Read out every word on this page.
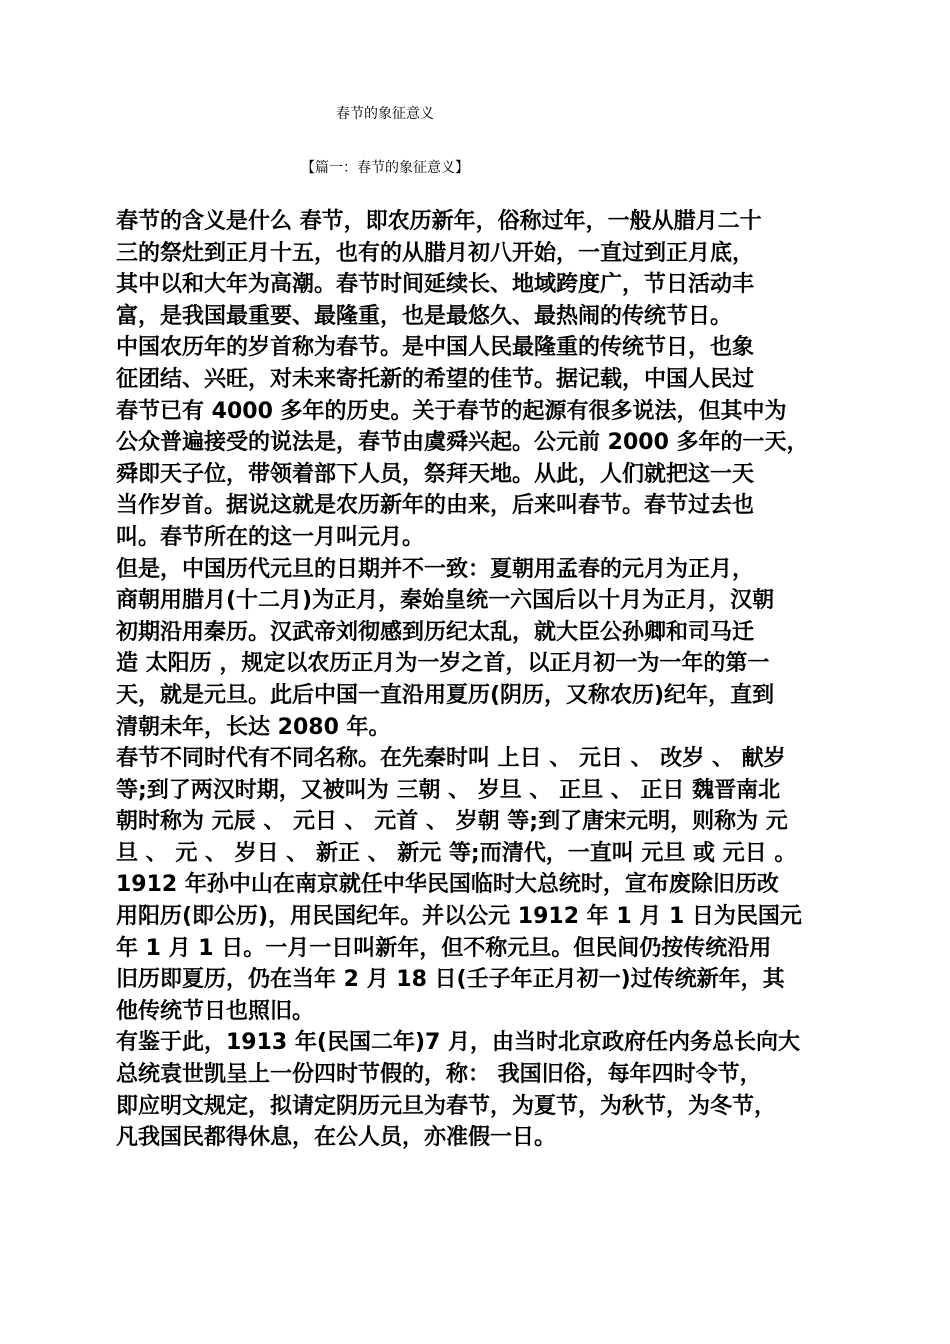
春节的象征意义
【篇一：春节的象征意义】
春节的含义是什么 春节，即农历新年，俗称过年，一般从腊月二十
三的祭灶到正月十五，也有的从腊月初八开始，一直过到正月底，
其中以和大年为高潮。春节时间延续长、地域跨度广，节日活动丰
富，是我国最重要、最隆重，也是最悠久、最热闹的传统节日。
中国农历年的岁首称为春节。是中国人民最隆重的传统节日，也象
征团结、兴旺，对未来寄托新的希望的佳节。据记载，中国人民过
春节已有 4000 多年的历史。关于春节的起源有很多说法，但其中为
公众普遍接受的说法是，春节由虞舜兴起。公元前 2000 多年的一天，
舜即天子位，带领着部下人员，祭拜天地。从此，人们就把这一天
当作岁首。据说这就是农历新年的由来，后来叫春节。春节过去也
叫。春节所在的这一月叫元月。
但是，中国历代元旦的日期并不一致：夏朝用孟春的元月为正月，
商朝用腊月(十二月)为正月，秦始皇统一六国后以十月为正月，汉朝
初期沿用秦历。汉武帝刘彻感到历纪太乱，就大臣公孙卿和司马迁
造 太阳历 ，规定以农历正月为一岁之首，以正月初一为一年的第一
天，就是元旦。此后中国一直沿用夏历(阴历，又称农历)纪年，直到
清朝未年，长达 2080 年。
春节不同时代有不同名称。在先秦时叫 上日 、 元日 、 改岁 、 献岁
等;到了两汉时期，又被叫为 三朝 、 岁旦 、 正旦 、 正日 魏晋南北
朝时称为 元辰 、 元日 、 元首 、 岁朝 等;到了唐宋元明，则称为 元
旦 、 元 、 岁日 、 新正 、 新元 等;而清代，一直叫 元旦 或 元日 。
1912 年孙中山在南京就任中华民国临时大总统时，宣布废除旧历改
用阳历(即公历)，用民国纪年。并以公元 1912 年 1 月 1 日为民国元
年 1 月 1 日。一月一日叫新年，但不称元旦。但民间仍按传统沿用
旧历即夏历，仍在当年 2 月 18 日(壬子年正月初一)过传统新年，其
他传统节日也照旧。
有鉴于此，1913 年(民国二年)7 月，由当时北京政府任内务总长向大
总统袁世凯呈上一份四时节假的，称： 我国旧俗，每年四时令节，
即应明文规定，拟请定阴历元旦为春节，为夏节，为秋节，为冬节，
凡我国民都得休息，在公人员，亦准假一日。
